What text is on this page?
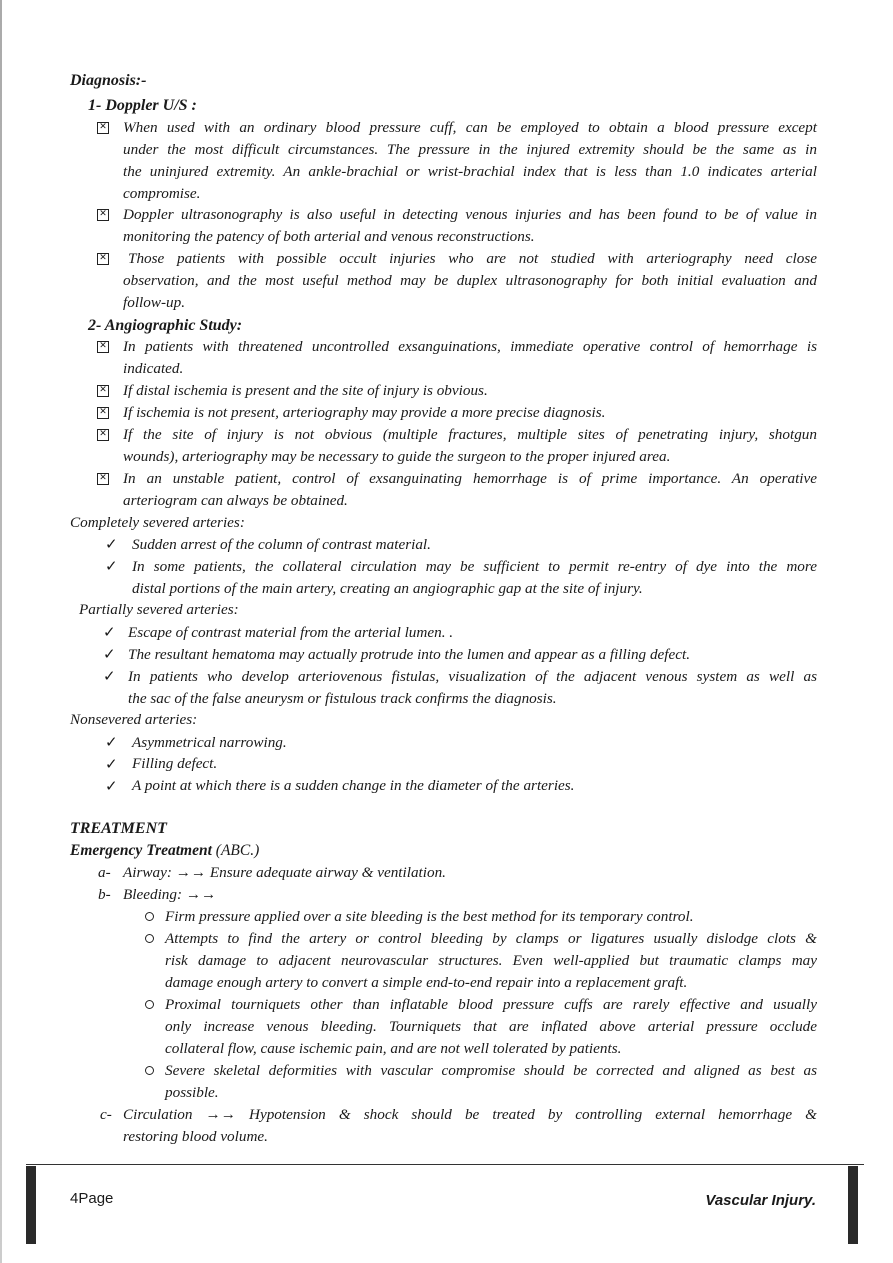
Diagnosis:-
1- Doppler U/S :
✕
When used with an ordinary blood pressure cuff, can be employed to obtain a blood pressure except
under the most difficult circumstances. The pressure in the injured extremity should be the same as in
the uninjured extremity. An ankle-brachial or wrist-brachial index that is less than 1.0 indicates arterial
compromise.
✕
Doppler ultrasonography is also useful in detecting venous injuries and has been found to be of value in
monitoring the patency of both arterial and venous reconstructions.
✕
Those patients with possible occult injuries who are not studied with arteriography need close
observation, and the most useful method may be duplex ultrasonography for both initial evaluation and
follow-up.
2- Angiographic Study:
✕
In patients with threatened uncontrolled exsanguinations, immediate operative control of hemorrhage is
indicated.
✕
If distal ischemia is present and the site of injury is obvious.
✕
If ischemia is not present, arteriography may provide a more precise diagnosis.
✕
If the site of injury is not obvious (multiple fractures, multiple sites of penetrating injury, shotgun
wounds), arteriography may be necessary to guide the surgeon to the proper injured area.
✕
In an unstable patient, control of exsanguinating hemorrhage is of prime importance. An operative
arteriogram can always be obtained.
Completely severed arteries:
✓ Sudden arrest of the column of contrast material.
✓ In some patients, the collateral circulation may be sufficient to permit re-entry of dye into the more
distal portions of the main artery, creating an angiographic gap at the site of injury.
Partially severed arteries:
✓ Escape of contrast material from the arterial lumen. .
✓ The resultant hematoma may actually protrude into the lumen and appear as a filling defect.
✓ In patients who develop arteriovenous fistulas, visualization of the adjacent venous system as well as
the sac of the false aneurysm or fistulous track confirms the diagnosis.
Nonsevered arteries:
✓ Asymmetrical narrowing.
✓ Filling defect.
✓ A point at which there is a sudden change in the diameter of the arteries.
TREATMENT
Emergency Treatment (ABC.)
a- Airway: →→ Ensure adequate airway & ventilation.
b- Bleeding: →→
Firm pressure applied over a site bleeding is the best method for its temporary control.
Attempts to find the artery or control bleeding by clamps or ligatures usually dislodge clots &
risk damage to adjacent neurovascular structures. Even well-applied but traumatic clamps may
damage enough artery to convert a simple end-to-end repair into a replacement graft.
Proximal tourniquets other than inflatable blood pressure cuffs are rarely effective and usually
only increase venous bleeding. Tourniquets that are inflated above arterial pressure occlude
collateral flow, cause ischemic pain, and are not well tolerated by patients.
Severe skeletal deformities with vascular compromise should be corrected and aligned as best as
possible.
c- Circulation →→ Hypotension & shock should be treated by controlling external hemorrhage &
restoring blood volume.
4Page	Vascular Injury.
